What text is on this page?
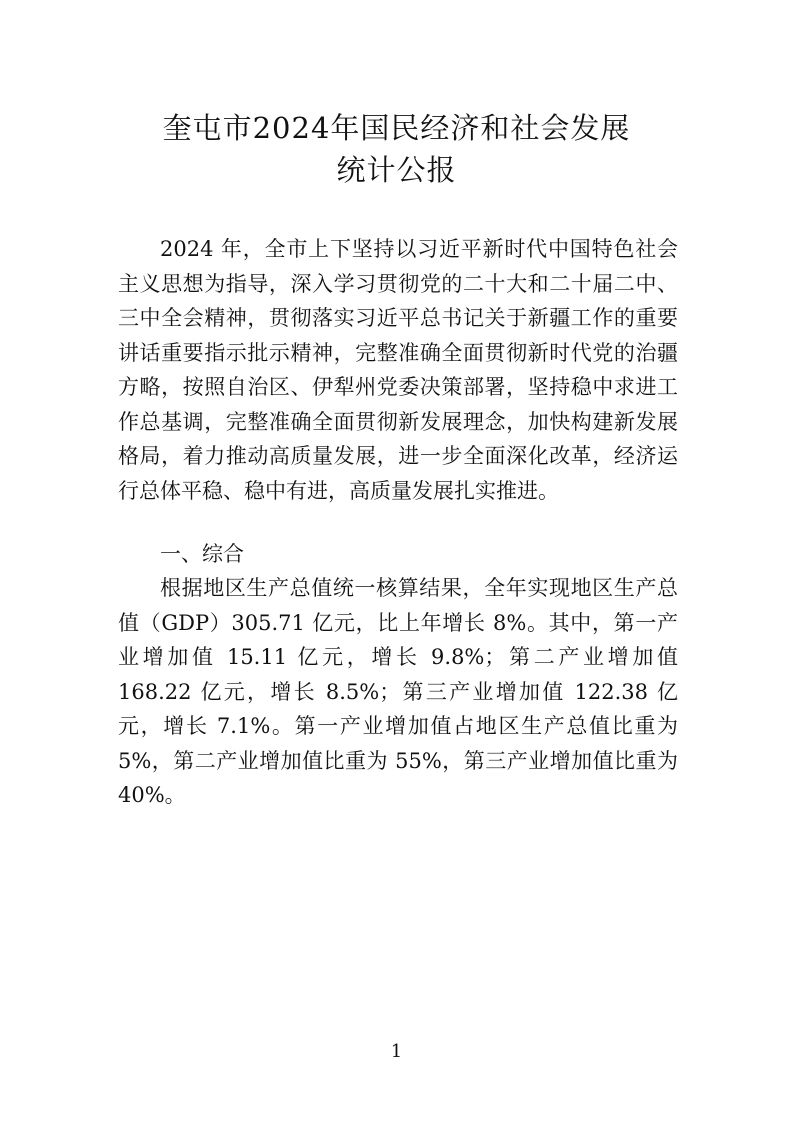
奎屯市2024年国民经济和社会发展
统计公报

2024 年，全市上下坚持以习近平新时代中国特色社会主义思想为指导，深入学习贯彻党的二十大和二十届二中、三中全会精神，贯彻落实习近平总书记关于新疆工作的重要讲话重要指示批示精神，完整准确全面贯彻新时代党的治疆方略，按照自治区、伊犁州党委决策部署，坚持稳中求进工作总基调，完整准确全面贯彻新发展理念，加快构建新发展格局，着力推动高质量发展，进一步全面深化改革，经济运行总体平稳、稳中有进，高质量发展扎实推进。

一、综合

根据地区生产总值统一核算结果，全年实现地区生产总值（GDP）305.71 亿元，比上年增长 8%。其中，第一产业增加值 15.11 亿元，增长 9.8%；第二产业增加值 168.22 亿元，增长 8.5%；第三产业增加值 122.38 亿元，增长 7.1%。第一产业增加值占地区生产总值比重为 5%，第二产业增加值比重为 55%，第三产业增加值比重为 40%。

1
